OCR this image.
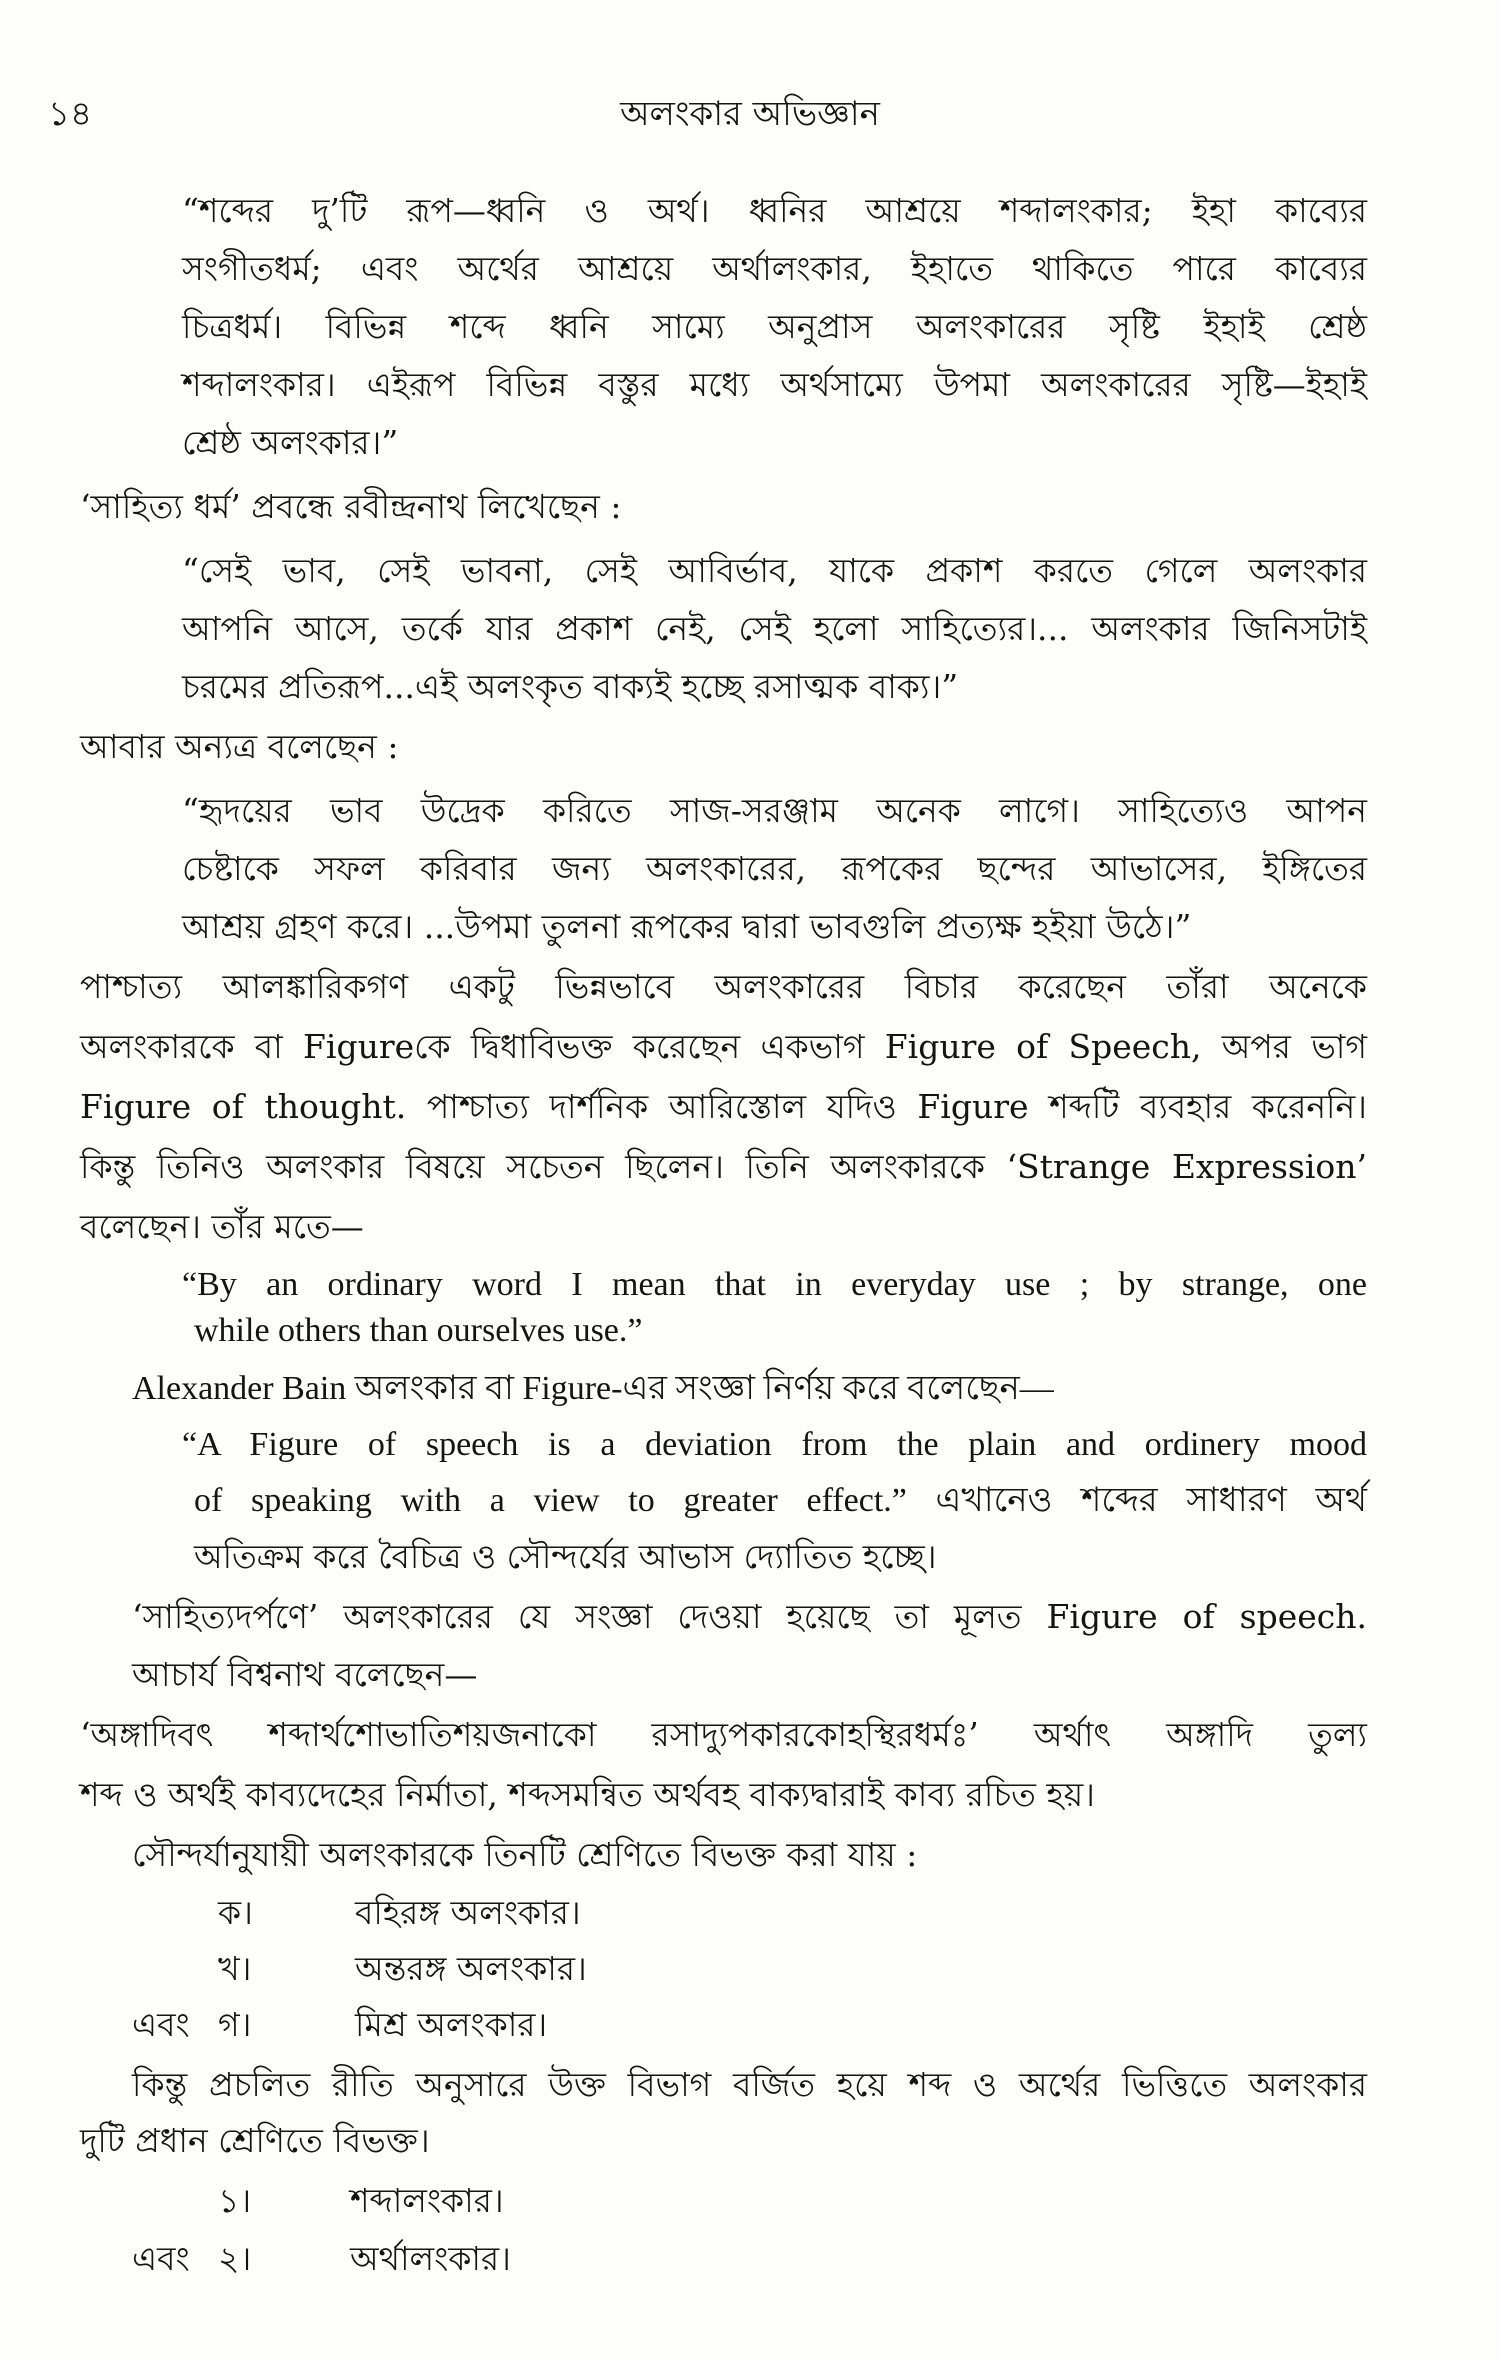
১৪	অলংকার অভিজ্ঞান
“শব্দের দু’টি রূপ—ধ্বনি ও অর্থ। ধ্বনির আশ্রয়ে শব্দালংকার; ইহা কাব্যের
সংগীতধর্ম; এবং অর্থের আশ্রয়ে অর্থালংকার, ইহাতে থাকিতে পারে কাব্যের
চিত্রধর্ম। বিভিন্ন শব্দে ধ্বনি সাম্যে অনুপ্রাস অলংকারের সৃষ্টি ইহাই শ্রেষ্ঠ
শব্দালংকার। এইরূপ বিভিন্ন বস্তুর মধ্যে অর্থসাম্যে উপমা অলংকারের সৃষ্টি—ইহাই
শ্রেষ্ঠ অলংকার।”
‘সাহিত্য ধর্ম’ প্রবন্ধে রবীন্দ্রনাথ লিখেছেন :
“সেই ভাব, সেই ভাবনা, সেই আবির্ভাব, যাকে প্রকাশ করতে গেলে অলংকার
আপনি আসে, তর্কে যার প্রকাশ নেই, সেই হলো সাহিত্যের।... অলংকার জিনিসটাই
চরমের প্রতিরূপ...এই অলংকৃত বাক্যই হচ্ছে রসাত্মক বাক্য।”
আবার অন্যত্র বলেছেন :
“হৃদয়ের ভাব উদ্রেক করিতে সাজ-সরঞ্জাম অনেক লাগে। সাহিত্যেও আপন
চেষ্টাকে সফল করিবার জন্য অলংকারের, রূপকের ছন্দের আভাসের, ইঙ্গিতের
আশ্রয় গ্রহণ করে। ...উপমা তুলনা রূপকের দ্বারা ভাবগুলি প্রত্যক্ষ হইয়া উঠে।”
পাশ্চাত্য আলঙ্কারিকগণ একটু ভিন্নভাবে অলংকারের বিচার করেছেন তাঁরা অনেকে
অলংকারকে বা Figureকে দ্বিধাবিভক্ত করেছেন একভাগ Figure of Speech, অপর ভাগ
Figure of thought. পাশ্চাত্য দার্শনিক আরিস্তোল যদিও Figure শব্দটি ব্যবহার করেননি।
কিন্তু তিনিও অলংকার বিষয়ে সচেতন ছিলেন। তিনি অলংকারকে ‘Strange Expression’
বলেছেন। তাঁর মতে—
“By an ordinary word I mean that in everyday use ; by strange, one
while others than ourselves use.”
Alexander Bain অলংকার বা Figure-এর সংজ্ঞা নির্ণয় করে বলেছেন—
“A Figure of speech is a deviation from the plain and ordinery mood
of speaking with a view to greater effect.” এখানেও শব্দের সাধারণ অর্থ
অতিক্রম করে বৈচিত্র ও সৌন্দর্যের আভাস দ্যোতিত হচ্ছে।
‘সাহিত্যদর্পণে’ অলংকারের যে সংজ্ঞা দেওয়া হয়েছে তা মূলত Figure of speech.
আচার্য বিশ্বনাথ বলেছেন—
‘অঙ্গাদিবৎ শব্দার্থশোভাতিশয়জনাকো রসাদ্যুপকারকোহস্থিরধর্মঃ’ অর্থাৎ অঙ্গাদি তুল্য
শব্দ ও অর্থই কাব্যদেহের নির্মাতা, শব্দসমন্বিত অর্থবহ বাক্যদ্বারাই কাব্য রচিত হয়।
সৌন্দর্যানুযায়ী অলংকারকে তিনটি শ্রেণিতে বিভক্ত করা যায় :
ক।	বহিরঙ্গ অলংকার।
খ।	অন্তরঙ্গ অলংকার।
এবং গ।	মিশ্র অলংকার।
কিন্তু প্রচলিত রীতি অনুসারে উক্ত বিভাগ বর্জিত হয়ে শব্দ ও অর্থের ভিত্তিতে অলংকার
দুটি প্রধান শ্রেণিতে বিভক্ত।
১।	শব্দালংকার।
এবং ২।	অর্থালংকার।
